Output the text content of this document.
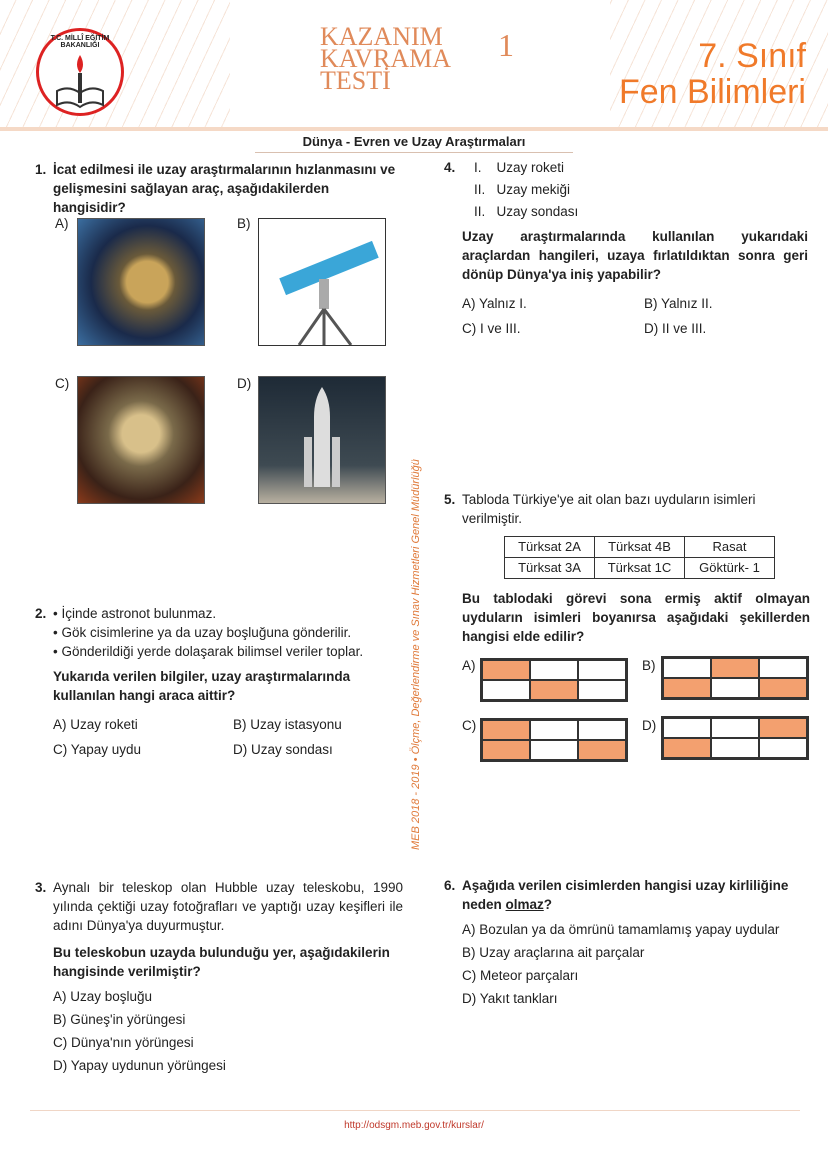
T.C. MİLLÎ EĞİTİM BAKANLIĞI	KAZANIM
KAVRAMA
TESTİ
1	7. Sınıf
Fen Bilimleri
Dünya - Evren ve Uzay Araştırmaları
MEB 2018 - 2019 • Ölçme, Değerlendirme ve Sınav Hizmetleri Genel Müdürlüğü
1. İcat edilmesi ile uzay araştırmalarının hızlanmasını ve gelişmesini sağlayan araç, aşağıdakilerden hangisidir?
A)	B)
C)	D)
2. • İçinde astronot bulunmaz.
• Gök cisimlerine ya da uzay boşluğuna gönderilir.
• Gönderildiği yerde dolaşarak bilimsel veriler toplar.
Yukarıda verilen bilgiler, uzay araştırmalarında kullanılan hangi araca aittir?
A) Uzay roketi	B) Uzay istasyonu
C) Yapay uydu	D) Uzay sondası
3. Aynalı bir teleskop olan Hubble uzay teleskobu, 1990 yılında çektiği uzay fotoğrafları ve yaptığı uzay keşifleri ile adını Dünya'ya duyurmuştur.
Bu teleskobun uzayda bulunduğu yer, aşağıdakilerin hangisinde verilmiştir?
A) Uzay boşluğu
B) Güneş'in yörüngesi
C) Dünya'nın yörüngesi
D) Yapay uydunun yörüngesi
4. I.    Uzay roketi
II.   Uzay mekiği
II.   Uzay sondası
Uzay araştırmalarında kullanılan yukarıdaki araçlardan hangileri, uzaya fırlatıldıktan sonra geri dönüp Dünya'ya iniş yapabilir?
A) Yalnız I.	B) Yalnız II.
C) I ve III.	D) II ve III.
5. Tabloda Türkiye'ye ait olan bazı uyduların isimleri verilmiştir.
Türksat 2A	Türksat 4B	Rasat
Türksat 3A	Türksat 1C	Göktürk- 1
Bu tablodaki görevi sona ermiş aktif olmayan uyduların isimleri boyanırsa aşağıdaki şekillerden hangisi elde edilir?
A)	B)
C)	D)
6. Aşağıda verilen cisimlerden hangisi uzay kirliliğine neden olmaz?
A) Bozulan ya da ömrünü tamamlamış yapay uydular
B) Uzay araçlarına ait parçalar
C) Meteor parçaları
D) Yakıt tankları
http://odsgm.meb.gov.tr/kurslar/
